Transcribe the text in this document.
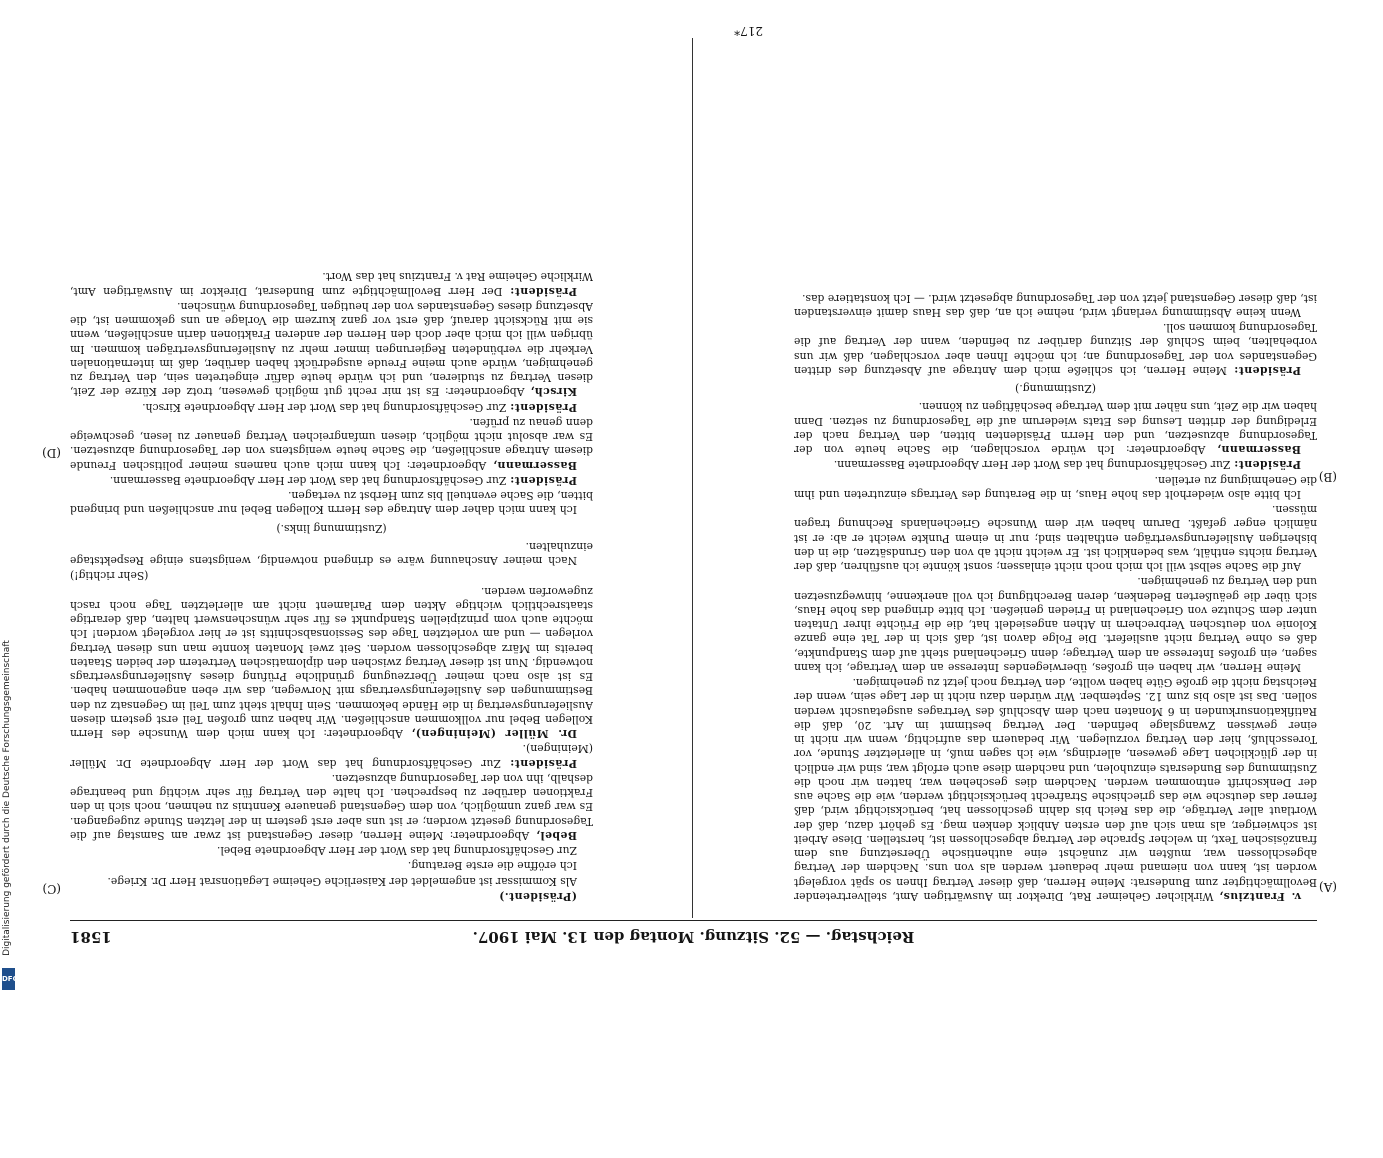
Reichstag. — 52. Sitzung. Montag den 13. Mai 1907.
1581
(C)
(D)
(A)
(B)

v. Frantzius, Wirklicher Geheimer Rat, Direktor im Auswärtigen Amt, stellvertretender Bevollmächtigter zum Bundesrat: Meine Herren, daß dieser Vertrag Ihnen so spät vorgelegt worden ist, kann von niemand mehr bedauert werden als von uns. Nachdem der Vertrag abgeschlossen war, mußten wir zunächst eine authentische Übersetzung aus dem französischen Text, in welcher Sprache der Vertrag abgeschlossen ist, herstellen. Diese Arbeit ist schwieriger, als man sich auf den ersten Anblick denken mag. Es gehört dazu, daß der Wortlaut aller Verträge, die das Reich bis dahin geschlossen hat, berücksichtigt wird, daß ferner das deutsche wie das griechische Strafrecht berücksichtigt werden, wie die Sache aus der Denkschrift entnommen werden. Nachdem dies geschehen war, hatten wir noch die Zustimmung des Bundesrats einzuholen, und nachdem diese auch erfolgt war, sind wir endlich in der glücklichen Lage gewesen, allerdings, wie ich sagen muß, in allerletzter Stunde, vor Toresschluß, hier den Vertrag vorzulegen. Wir bedauern das aufrichtig, wenn wir nicht in einer gewissen Zwangslage befinden. Der Vertrag bestimmt im Art. 20, daß die Ratifikationsurkunden in 6 Monaten nach dem Abschluß des Vertrages ausgetauscht werden sollen. Das ist also bis zum 12. September. Wir würden dazu nicht in der Lage sein, wenn der Reichstag nicht die große Güte haben wollte, den Vertrag noch jetzt zu genehmigen.

Meine Herren, wir haben ein großes, überwiegendes Interesse an dem Vertrage, ich kann sagen, ein großes Interesse an dem Vertrage; denn Griechenland steht auf dem Standpunkte, daß es ohne Vertrag nicht ausliefert. Die Folge davon ist, daß sich in der Tat eine ganze Kolonie von deutschen Verbrechern in Athen angesiedelt hat, die die Früchte ihrer Untaten unter dem Schutze von Griechenland in Frieden genießen. Ich bitte dringend das hohe Haus, sich über die geäußerten Bedenken, deren Berechtigung ich voll anerkenne, hinwegzusetzen und den Vertrag zu genehmigen.

Auf die Sache selbst will ich mich noch nicht einlassen; sonst könnte ich ausführen, daß der Vertrag nichts enthält, was bedenklich ist. Er weicht nicht ab von den Grundsätzen, die in den bisherigen Auslieferungsverträgen enthalten sind; nur in einem Punkte weicht er ab: er ist nämlich enger gefaßt. Darum haben wir dem Wunsche Griechenlands Rechnung tragen müssen.

Ich bitte also wiederholt das hohe Haus, in die Beratung des Vertrags einzutreten und ihm die Genehmigung zu erteilen.

Präsident: Zur Geschäftsordnung hat das Wort der Herr Abgeordnete Bassermann.

Bassermann, Abgeordneter: Ich würde vorschlagen, die Sache heute von der Tagesordnung abzusetzen, und den Herrn Präsidenten bitten, den Vertrag nach der Erledigung der dritten Lesung des Etats wiederum auf die Tagesordnung zu setzen. Dann haben wir die Zeit, uns näher mit dem Vertrage beschäftigen zu können.

(Zustimmung.)

Präsident: Meine Herren, ich schließe mich dem Antrage auf Absetzung des dritten Gegenstandes von der Tagesordnung an; ich möchte Ihnen aber vorschlagen, daß wir uns vorbehalten, beim Schluß der Sitzung darüber zu befinden, wann der Vertrag auf die Tagesordnung kommen soll.

Wenn keine Abstimmung verlangt wird, nehme ich an, daß das Haus damit einverstanden ist, daß dieser Gegenstand jetzt von der Tagesordnung abgesetzt wird. — Ich konstatiere das.

(Präsident.)

Als Kommissar ist angemeldet der Kaiserliche Geheime Legationsrat Herr Dr. Kriege.

Ich eröffne die erste Beratung.

Zur Geschäftsordnung hat das Wort der Herr Abgeordnete Bebel.

Bebel, Abgeordneter: Meine Herren, dieser Gegenstand ist zwar am Samstag auf die Tagesordnung gesetzt worden; er ist uns aber erst gestern in der letzten Stunde zugegangen. Es war ganz unmöglich, von dem Gegenstand genauere Kenntnis zu nehmen, noch sich in den Fraktionen darüber zu besprechen. Ich halte den Vertrag für sehr wichtig und beantrage deshalb, ihn von der Tagesordnung abzusetzen.

Präsident: Zur Geschäftsordnung hat das Wort der Herr Abgeordnete Dr. Müller (Meiningen).

Dr. Müller (Meiningen), Abgeordneter: Ich kann mich dem Wunsche des Herrn Kollegen Bebel nur vollkommen anschließen. Wir haben zum großen Teil erst gestern diesen Auslieferungsvertrag in die Hände bekommen. Sein Inhalt steht zum Teil im Gegensatz zu den Bestimmungen des Auslieferungsvertrags mit Norwegen, das wir eben angenommen haben. Es ist also nach meiner Überzeugung gründliche Prüfung dieses Auslieferungsvertrags notwendig. Nun ist dieser Vertrag zwischen den diplomatischen Vertretern der beiden Staaten bereits im März abgeschlossen worden. Seit zwei Monaten konnte man uns diesen Vertrag vorlegen — und am vorletzten Tage des Sessionsabschnitts ist er hier vorgelegt worden! Ich möchte auch vom prinzipiellen Standpunkt es für sehr wünschenswert halten, daß derartige staatsrechtlich wichtige Akten dem Parlament nicht am allerletzten Tage noch rasch zugeworfen werden.

(Sehr richtig!)

Nach meiner Anschauung wäre es dringend notwendig, wenigstens einige Respektstage einzuhalten.

(Zustimmung links.)

Ich kann mich daher dem Antrage des Herrn Kollegen Bebel nur anschließen und bringend bitten, die Sache eventuell bis zum Herbst zu vertagen.

Präsident: Zur Geschäftsordnung hat das Wort der Herr Abgeordnete Bassermann.

Bassermann, Abgeordneter: Ich kann mich auch namens meiner politischen Freunde diesem Antrage anschließen, die Sache heute wenigstens von der Tagesordnung abzusetzen. Es war absolut nicht möglich, diesen umfangreichen Vertrag genauer zu lesen, geschweige denn genau zu prüfen.

Präsident: Zur Geschäftsordnung hat das Wort der Herr Abgeordnete Kirsch.

Kirsch, Abgeordneter: Es ist mir recht gut möglich gewesen, trotz der Kürze der Zeit, diesen Vertrag zu studieren, und ich würde heute dafür eingetreten sein, den Vertrag zu genehmigen, würde auch meine Freude ausgedrückt haben darüber, daß im internationalen Verkehr die verbündeten Regierungen immer mehr zu Auslieferungsverträgen kommen. Im übrigen will ich mich aber doch den Herren der anderen Fraktionen darin anschließen, wenn sie mit Rücksicht darauf, daß erst vor ganz kurzem die Vorlage an uns gekommen ist, die Absetzung dieses Gegenstandes von der heutigen Tagesordnung wünschen.

Präsident: Der Herr Bevollmächtigte zum Bundesrat, Direktor im Auswärtigen Amt, Wirkliche Geheime Rat v. Frantzius hat das Wort.

217*
Digitalisierung gefördert durch die Deutsche Forschungsgemeinschaft
DFG
